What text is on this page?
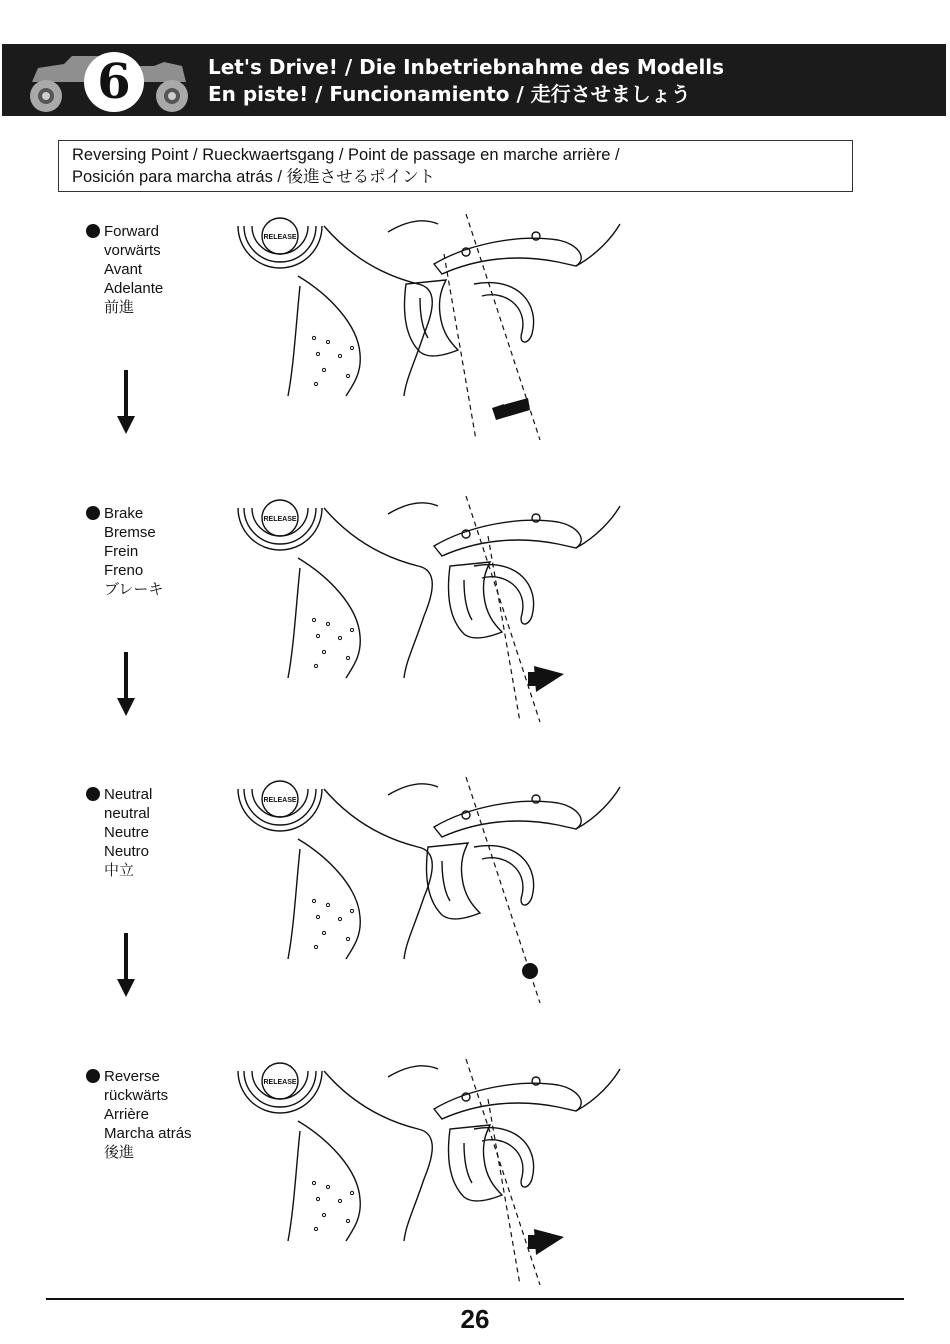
6	Let's Drive! / Die Inbetriebnahme des Modells
En piste! / Funcionamiento / 走行させましょう
Reversing Point / Rueckwaertsgang / Point de passage en marche arrière /
Posición para marcha atrás / 後進させるポイント
Forward
vorwärts
Avant
Adelante
前進
Brake
Bremse
Frein
Freno
ブレーキ
Neutral
neutral
Neutre
Neutro
中立
Reverse
rückwärts
Arrière
Marcha atrás
後進
RELEASE
RELEASE
RELEASE
RELEASE
26
